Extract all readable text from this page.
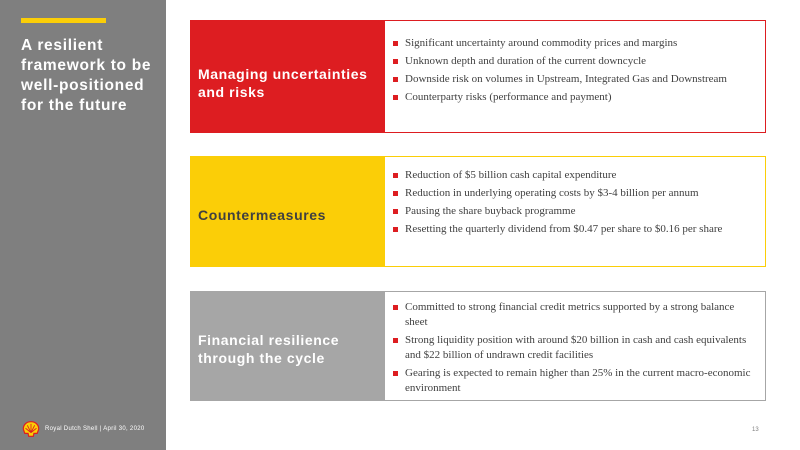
A resilient framework to be well-positioned for the future
Royal Dutch Shell | April 30, 2020
Managing uncertainties and risks
Significant uncertainty around commodity prices and margins
Unknown depth and duration of the current downcycle
Downside risk on volumes in Upstream, Integrated Gas and Downstream
Counterparty risks (performance and payment)
Countermeasures
Reduction of $5 billion cash capital expenditure
Reduction in underlying operating costs by $3-4 billion per annum
Pausing the share buyback programme
Resetting the quarterly dividend from $0.47 per share to $0.16 per share
Financial resilience through the cycle
Committed to strong financial credit metrics supported by a strong balance sheet
Strong liquidity position with around $20 billion in cash and cash equivalents and $22 billion of undrawn credit facilities
Gearing is expected to remain higher than 25% in the current macro-economic environment
13
